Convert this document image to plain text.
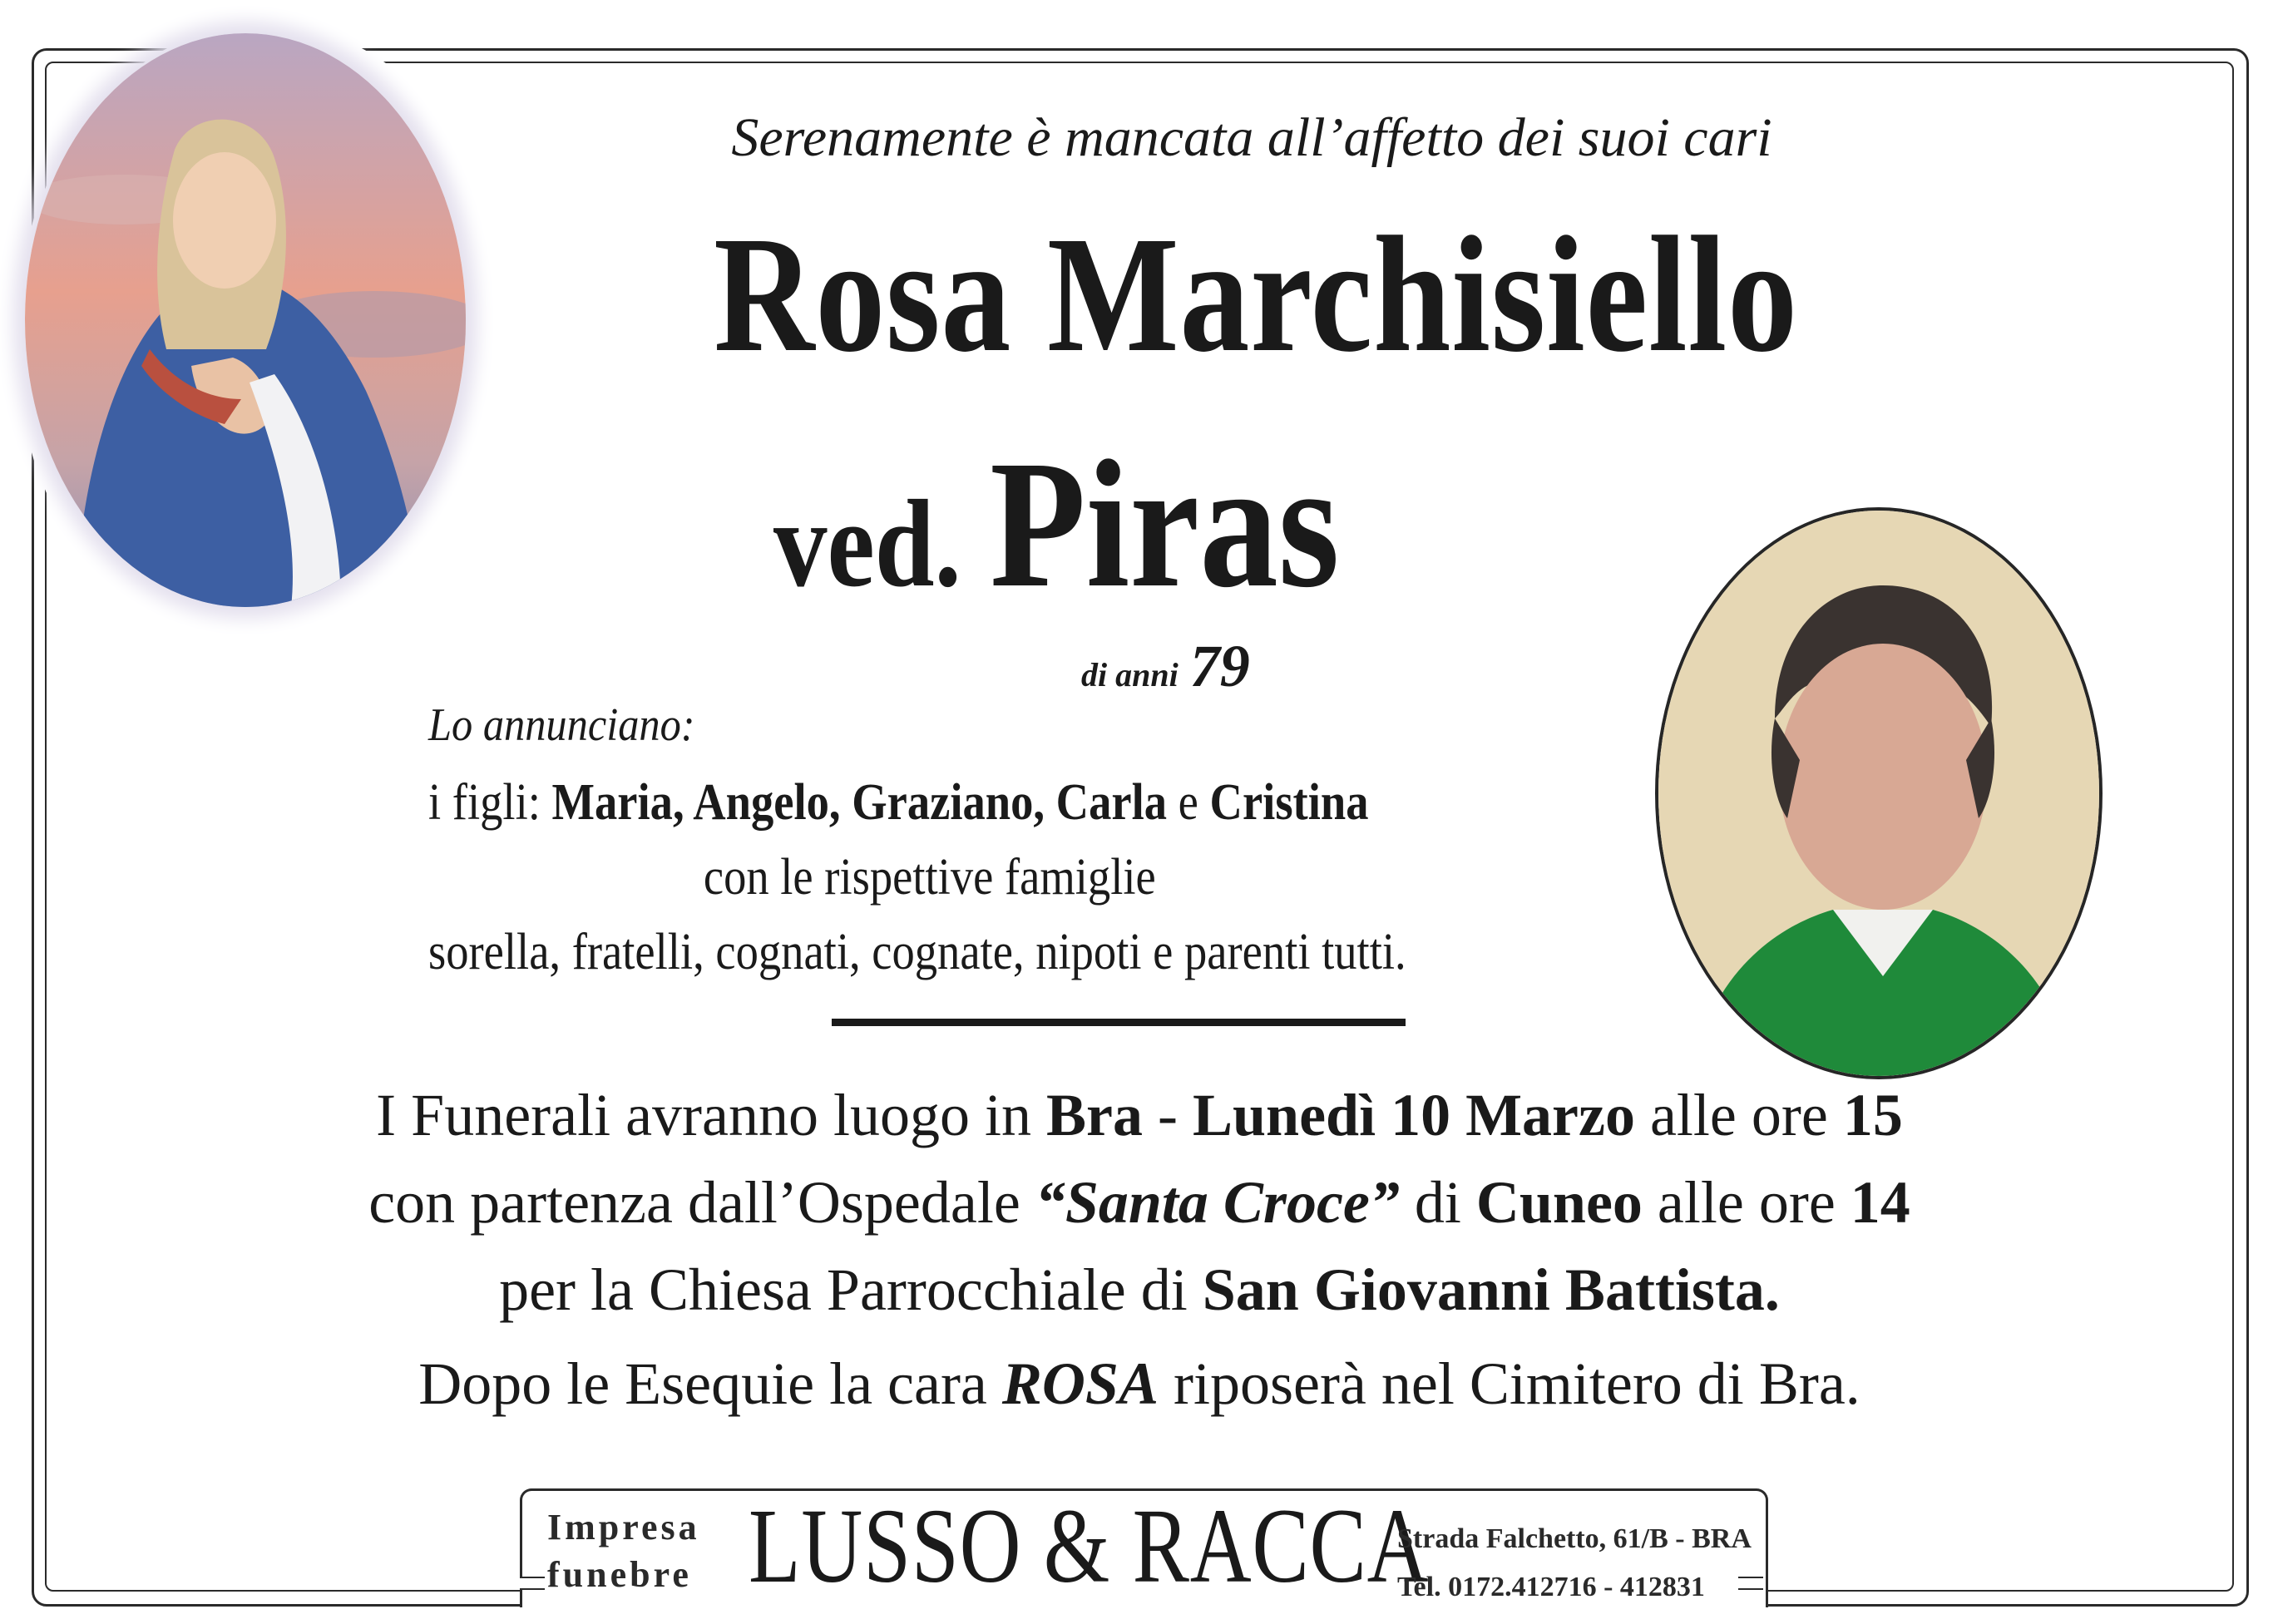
Serenamente è mancata all’affetto dei suoi cari
Rosa Marchisiello
ved. Piras
di anni 79
Lo annunciano:
i figli: Maria, Angelo, Graziano, Carla e Cristina
con le rispettive famiglie
sorella, fratelli, cognati, cognate, nipoti e parenti tutti.
I Funerali avranno luogo in Bra - Lunedì 10 Marzo alle ore 15
con partenza dall’Ospedale “Santa Croce” di Cuneo alle ore 14
per la Chiesa Parrocchiale di San Giovanni Battista.
Dopo le Esequie la cara ROSA riposerà nel Cimitero di Bra.
Impresa
funebre LUSSO & RACCA
Strada Falchetto, 61/B - BRA
Tel. 0172.412716 - 412831
